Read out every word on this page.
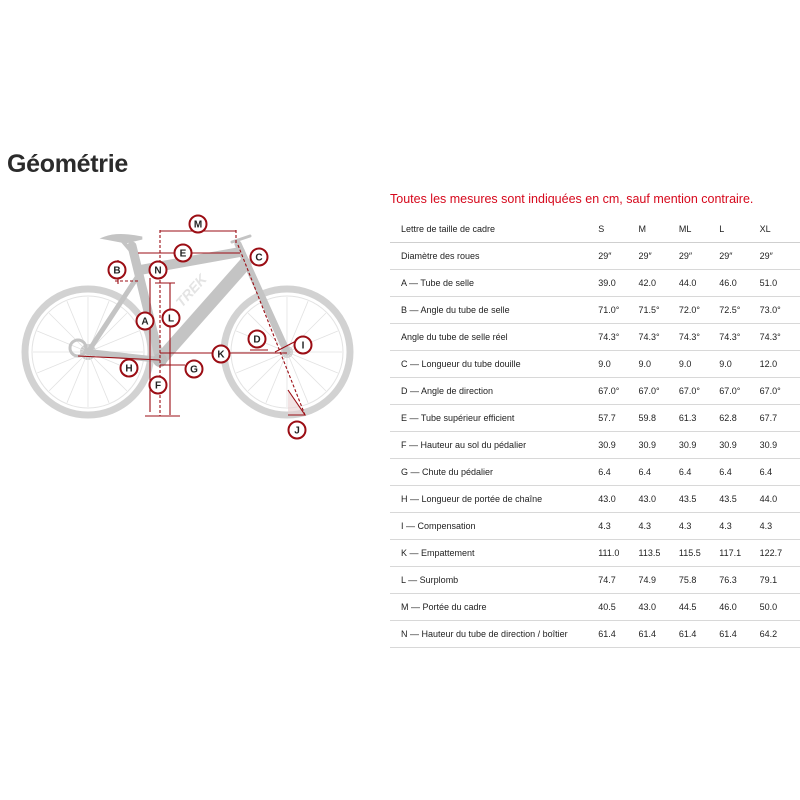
Géométrie
TREK
M
E	C
B	N
A L
D
I
K
H	G
F
J
Toutes les mesures sont indiquées en cm, sauf mention contraire.
Lettre de taille de cadre	S	M	ML	L	XL
Diamètre des roues	29″	29″	29″	29″	29″
A — Tube de selle	39.0	42.0	44.0	46.0	51.0
B — Angle du tube de selle	71.0°	71.5°	72.0°	72.5°	73.0°
Angle du tube de selle réel	74.3°	74.3°	74.3°	74.3°	74.3°
C — Longueur du tube douille	9.0	9.0	9.0	9.0	12.0
D — Angle de direction	67.0°	67.0°	67.0°	67.0°	67.0°
E — Tube supérieur efficient	57.7	59.8	61.3	62.8	67.7
F — Hauteur au sol du pédalier	30.9	30.9	30.9	30.9	30.9
G — Chute du pédalier	6.4	6.4	6.4	6.4	6.4
H — Longueur de portée de chaîne	43.0	43.0	43.5	43.5	44.0
I — Compensation	4.3	4.3	4.3	4.3	4.3
K — Empattement	111.0	113.5	115.5	117.1	122.7
L — Surplomb	74.7	74.9	75.8	76.3	79.1
M — Portée du cadre	40.5	43.0	44.5	46.0	50.0
N — Hauteur du tube de direction / boîtier	61.4	61.4	61.4	61.4	64.2
